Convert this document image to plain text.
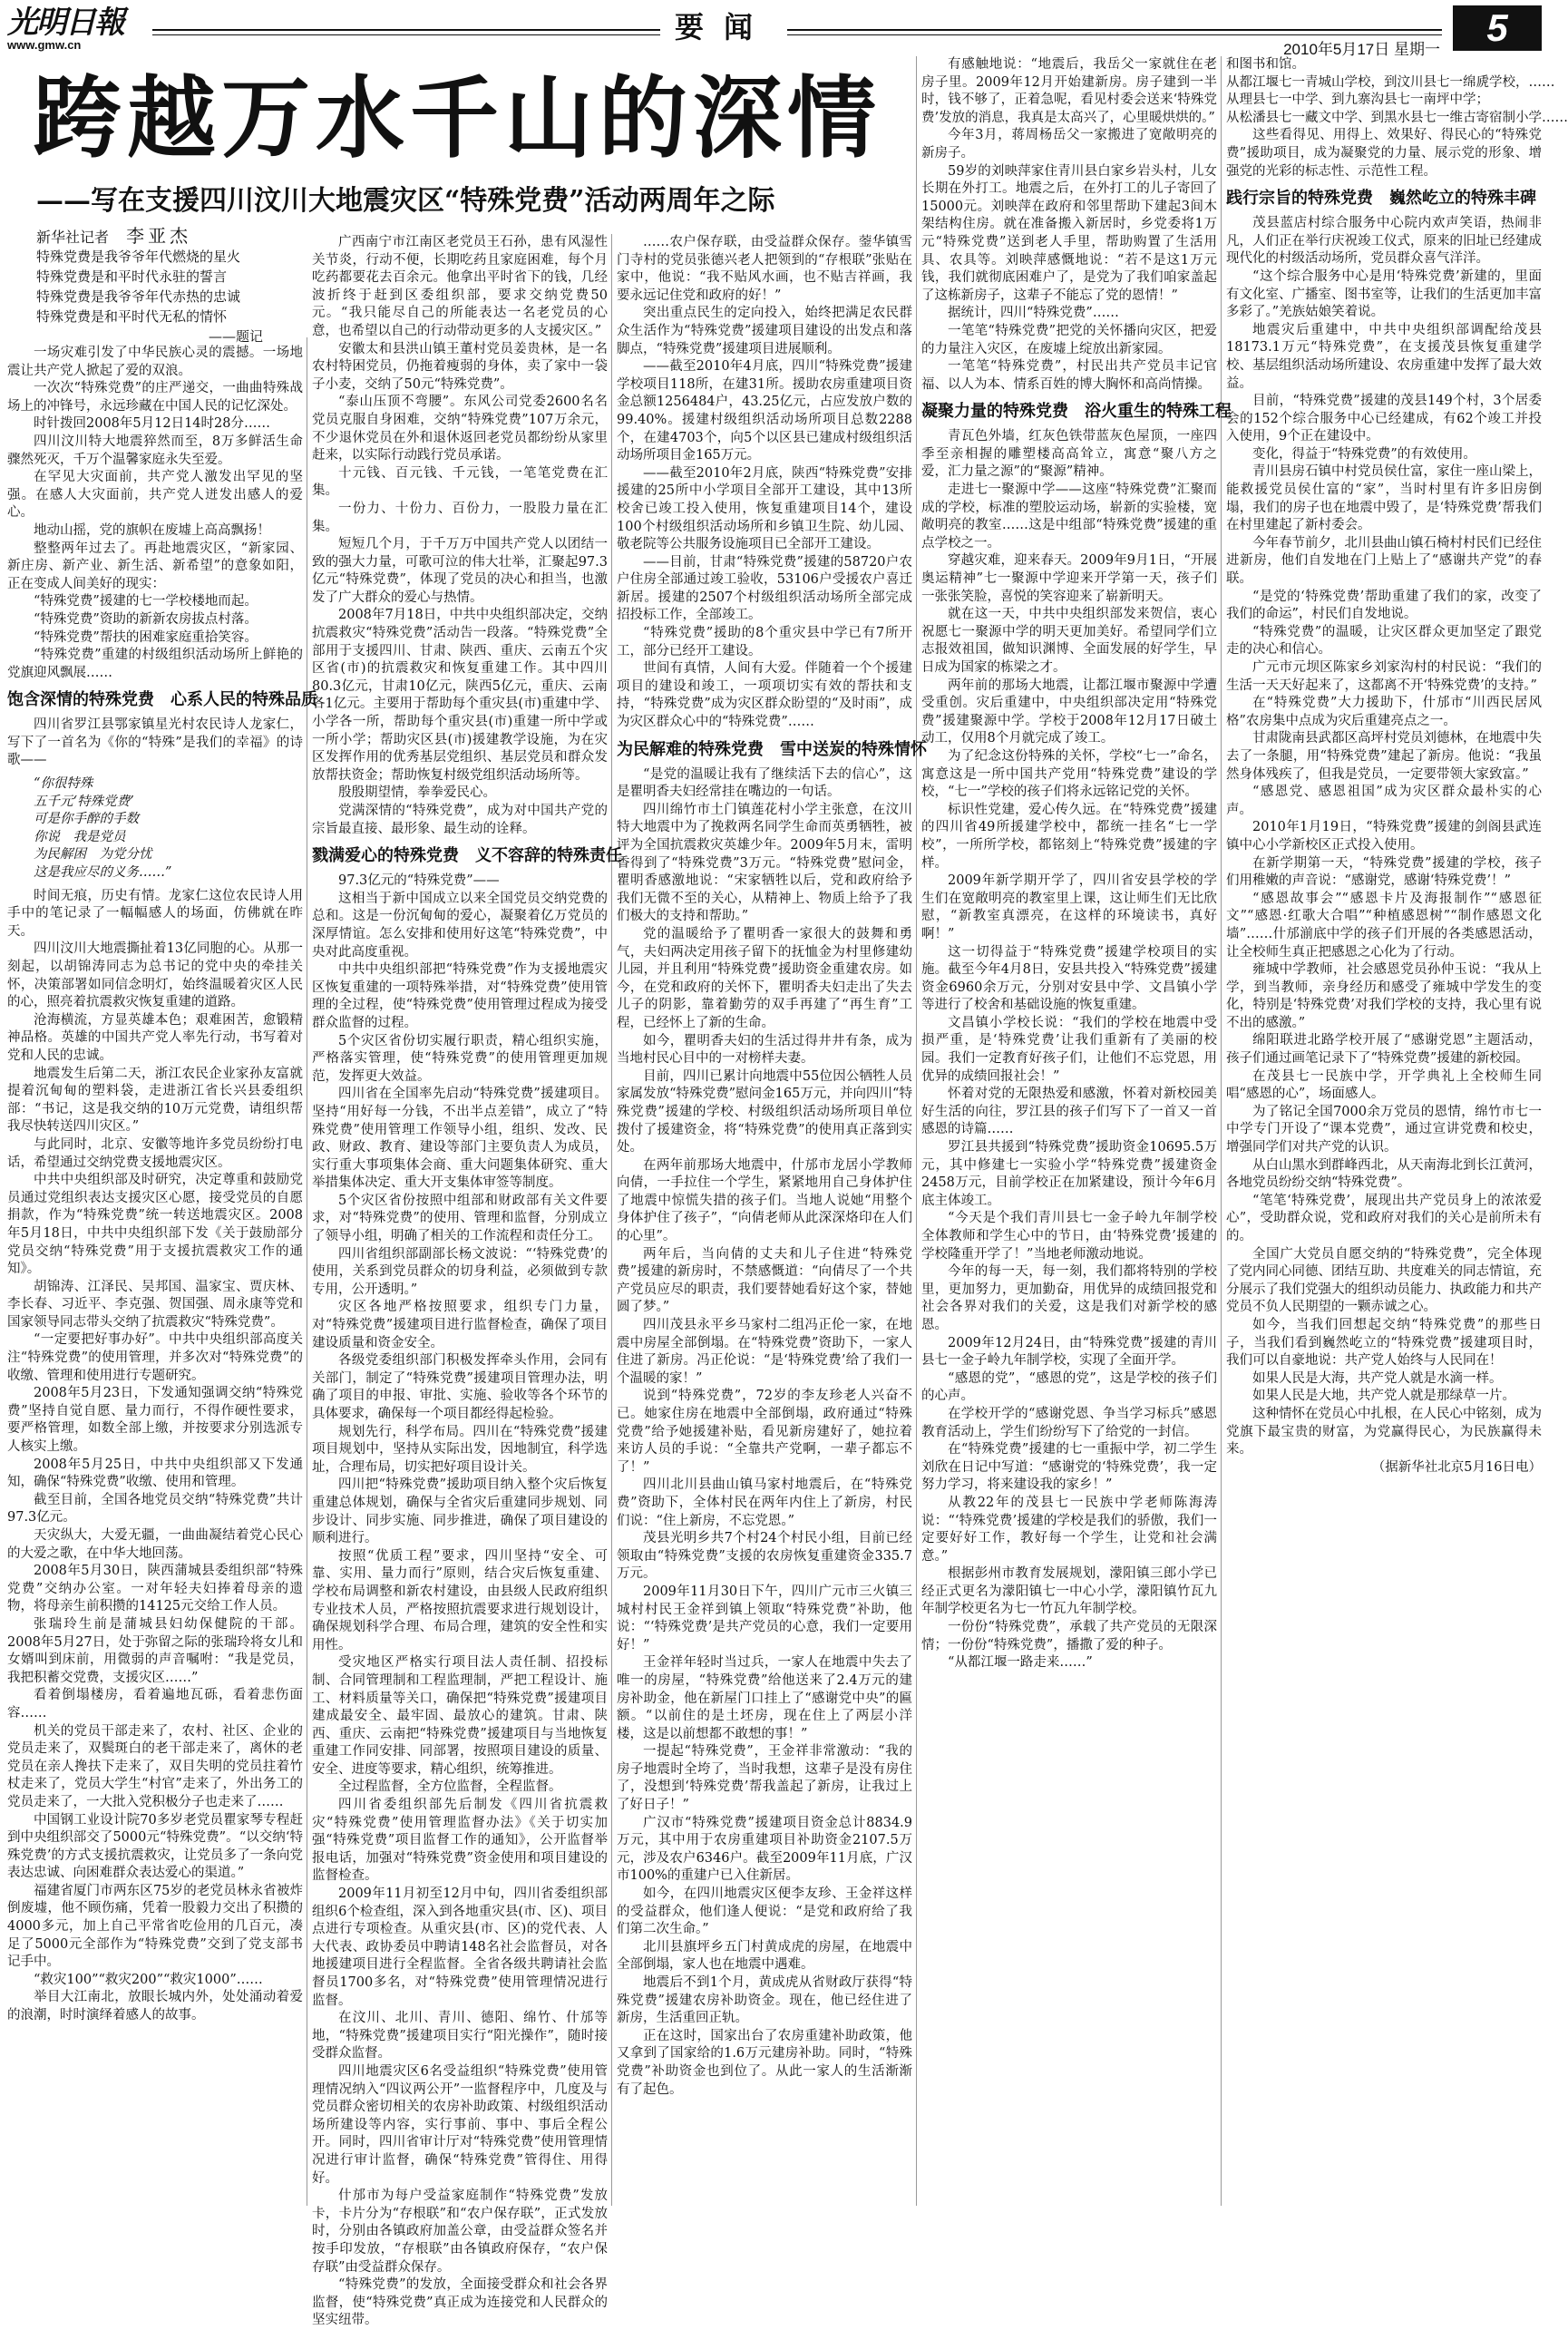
光明日報
www.gmw.cn
要闻
2010年5月17日 星期一
5
跨越万水千山的深情
——写在支援四川汶川大地震灾区“特殊党费”活动两周年之际
新华社记者 李亚杰
特殊党费是我爷爷年代燃烧的星火
特殊党费是和平时代永驻的誓言
特殊党费是我爷爷年代赤热的忠诚
特殊党费是和平时代无私的情怀
——题记

一场灾难引发了中华民族心灵的震撼。一场地震让共产党人掀起了爱的双浪。

一次次“特殊党费”的庄严递交，一曲曲特殊战场上的冲锋号，永远珍藏在中国人民的记忆深处。

时针拨回2008年5月12日14时28分……

四川汶川特大地震猝然而至，8万多鲜活生命骤然死灭，千万个温馨家庭永失至爱。

在罕见大灾面前，共产党人激发出罕见的坚强。在感人大灾面前，共产党人迸发出感人的爱心。

地动山摇，党的旗帜在废墟上高高飘扬！

整整两年过去了。再赴地震灾区，“新家园、新庄房、新产业、新生活、新希望”的意象如阳，正在变成人间美好的现实：

“特殊党费”援建的七一学校楼地而起。

“特殊党费”资助的新新农房拔点村落。

“特殊党费”帮扶的困难家庭重拾笑容。

“特殊党费”重建的村级组织活动场所上鲜艳的党旗迎风飘展……

饱含深情的特殊党费　心系人民的特殊品质

四川省罗江县鄂家镇星光村农民诗人龙家仁，写下了一首名为《你的“特殊”是我们的幸福》的诗歌——

“你很特殊
五千元‘特殊党费’
可是你手醉的手数
你说　我是党员
为民解困　为党分忧
这是我应尽的义务……”

时间无痕，历史有情。龙家仁这位农民诗人用手中的笔记录了一幅幅感人的场面，仿佛就在昨天。

四川汶川大地震撕扯着13亿同胞的心。从那一刻起，以胡锦涛同志为总书记的党中央的牵挂关怀，决策部署如同信念明灯，始终温暖着灾区人民的心，照亮着抗震救灾恢复重建的道路。

沧海横流，方显英雄本色；艰难困苦，愈锻精神品格。英雄的中国共产党人率先行动，书写着对党和人民的忠诚。

地震发生后第二天，浙江农民企业家孙友富就提着沉甸甸的塑料袋，走进浙江省长兴县委组织部：“书记，这是我交纳的10万元党费，请组织帮我尽快转送四川灾区。”

与此同时，北京、安徽等地许多党员纷纷打电话，希望通过交纳党费支援地震灾区。

中共中央组织部及时研究，决定尊重和鼓励党员通过党组织表达支援灾区心愿，接受党员的自愿捐款，作为“特殊党费”统一转送地震灾区。2008年5月18日，中共中央组织部下发《关于鼓励部分党员交纳“特殊党费”用于支援抗震救灾工作的通知》。

胡锦涛、江泽民、吴邦国、温家宝、贾庆林、李长春、习近平、李克强、贺国强、周永康等党和国家领导同志带头交纳了抗震救灾“特殊党费”。

“一定要把好事办好”。中共中央组织部高度关注“特殊党费”的使用管理，并多次对“特殊党费”的收缴、管理和使用进行专题研究。

2008年5月23日，下发通知强调交纳“特殊党费”坚持自觉自愿、量力而行，不得作硬性要求，要严格管理，如数全部上缴，并按要求分别选派专人核实上缴。

2008年5月25日，中共中央组织部又下发通知，确保“特殊党费”收缴、使用和管理。

截至目前，全国各地党员交纳“特殊党费”共计97.3亿元。

天灾纵大，大爱无疆，一曲曲凝结着党心民心的大爱之歌，在中华大地回荡。

2008年5月30日，陕西蒲城县委组织部“特殊党费”交纳办公室。一对年轻夫妇捧着母亲的遗物，将母亲生前积攒的14125元交给工作人员。

张瑞玲生前是蒲城县妇幼保健院的干部。2008年5月27日，处于弥留之际的张瑞玲将女儿和女婿叫到床前，用微弱的声音嘱咐：“我是党员，我把积蓄交党费，支援灾区……”

看着倒塌楼房，看着遍地瓦砾，看着悲伤面容……

机关的党员干部走来了，农村、社区、企业的党员走来了，双鬓斑白的老干部走来了，离休的老党员在亲人搀扶下走来了，双目失明的党员拄着竹杖走来了，党员大学生“村官”走来了，外出务工的党员走来了，一大批入党积极分子也走来了……

中国钢工业设计院70多岁老党员瞿家琴专程赶到中央组织部交了5000元“特殊党费”。“以交纳‘特殊党费’的方式支援抗震救灾，让党员多了一条向党表达忠诚、向困难群众表达爱心的渠道。”

福建省厦门市两东区75岁的老党员林永省被炸倒废墟，他不顾伤痛，凭着一股毅力交出了积攒的4000多元，加上自己平常省吃俭用的几百元，凑足了5000元全部作为“特殊党费”交到了党支部书记手中。

“救灾100”“救灾200”“救灾1000”……

举目大江南北，放眼长城内外，处处涌动着爱的浪潮，时时演绎着感人的故事。

广西南宁市江南区老党员王石孙，患有风湿性关节炎，行动不便，长期吃药且家庭困难，每个月吃药都要花去百余元。他拿出平时省下的钱，几经波折终于赶到区委组织部，要求交纳党费50元。“我只能尽自己的所能表达一名老党员的心意，也希望以自己的行动带动更多的人支援灾区。”

安徽太和县洪山镇王董村党员姜贵林，是一名农村特困党员，仍拖着瘦弱的身体，卖了家中一袋子小麦，交纳了50元“特殊党费”。

“泰山压顶不弯腰”。东风公司党委2600名名党员克服自身困难，交纳“特殊党费”107万余元，不少退休党员在外和退休返回老党员都纷纷从家里赶来，以实际行动践行党员承诺。

十元钱、百元钱、千元钱，一笔笔党费在汇集。

一份力、十份力、百份力，一股股力量在汇集。

短短几个月，于千万万中国共产党人以团结一致的强大力量，可歌可泣的伟大壮举，汇聚起97.3亿元“特殊党费”，体现了党员的决心和担当，也激发了广大群众的爱心与热情。

2008年7月18日，中共中央组织部决定，交纳抗震救灾“特殊党费”活动告一段落。“特殊党费”全部用于支援四川、甘肃、陕西、重庆、云南五个灾区省(市)的抗震救灾和恢复重建工作。其中四川80.3亿元，甘肃10亿元，陕西5亿元，重庆、云南各1亿元。主要用于帮助每个重灾县(市)重建中学、小学各一所，帮助每个重灾县(市)重建一所中学或一所小学；帮助灾区县(市)援建教学设施，为在灾区发挥作用的优秀基层党组织、基层党员和群众发放帮扶资金；帮助恢复村级党组织活动场所等。

殷殷期望情，拳拳爱民心。

党满深情的“特殊党费”，成为对中国共产党的宗旨最直接、最形象、最生动的诠释。

戮满爱心的特殊党费　义不容辞的特殊责任

97.3亿元的“特殊党费”——

这相当于新中国成立以来全国党员交纳党费的总和。这是一份沉甸甸的爱心，凝聚着亿万党员的深厚情谊。怎么安排和使用好这笔“特殊党费”，中央对此高度重视。

中共中央组织部把“特殊党费”作为支援地震灾区恢复重建的一项特殊举措，对“特殊党费”使用管理的全过程，使“特殊党费”使用管理过程成为接受群众监督的过程。

5个灾区省份切实履行职责，精心组织实施，严格落实管理，使“特殊党费”的使用管理更加规范，发挥更大效益。

四川省在全国率先启动“特殊党费”援建项目。坚持“用好每一分钱，不出半点差错”，成立了“特殊党费”使用管理工作领导小组，组织、发改、民政、财政、教育、建设等部门主要负责人为成员，实行重大事项集体会商、重大问题集体研究、重大举措集体决定、重大开支集体审签等制度。

5个灾区省份按照中组部和财政部有关文件要求，对“特殊党费”的使用、管理和监督，分别成立了领导小组，明确了相关的工作流程和责任分工。

四川省组织部副部长杨文波说：“‘特殊党费’的使用，关系到党员群众的切身利益，必须做到专款专用，公开透明。”

灾区各地严格按照要求，组织专门力量，对“特殊党费”援建项目进行监督检查，确保了项目建设质量和资金安全。

各级党委组织部门积极发挥牵头作用，会同有关部门，制定了“特殊党费”援建项目管理办法，明确了项目的申报、审批、实施、验收等各个环节的具体要求，确保每一个项目都经得起检验。

规划先行，科学布局。四川在“特殊党费”援建项目规划中，坚持从实际出发，因地制宜，科学选址，合理布局，切实把好项目设计关。

四川把“特殊党费”援助项目纳入整个灾后恢复重建总体规划，确保与全省灾后重建同步规划、同步设计、同步实施、同步推进，确保了项目建设的顺利进行。

按照“优质工程”要求，四川坚持“安全、可靠、实用、量力而行”原则，结合灾后恢复重建、学校布局调整和新农村建设，由县级人民政府组织专业技术人员，严格按照抗震要求进行规划设计，确保规划科学合理、布局合理，建筑的安全性和实用性。

受灾地区严格实行项目法人责任制、招投标制、合同管理制和工程监理制，严把工程设计、施工、材料质量等关口，确保把“特殊党费”援建项目建成最安全、最牢固、最放心的建筑。甘肃、陕西、重庆、云南把“特殊党费”援建项目与当地恢复重建工作同安排、同部署，按照项目建设的质量、安全、进度等要求，精心组织，统筹推进。

全过程监督，全方位监督，全程监督。

四川省委组织部先后制发《四川省抗震救灾“特殊党费”使用管理监督办法》《关于切实加强“特殊党费”项目监督工作的通知》，公开监督举报电话，加强对“特殊党费”资金使用和项目建设的监督检查。

2009年11月初至12月中旬，四川省委组织部组织6个检查组，深入到各地重灾县(市、区)、项目点进行专项检查。从重灾县(市、区)的党代表、人大代表、政协委员中聘请148名社会监督员，对各地援建项目进行全程监督。全省各级共聘请社会监督员1700多名，对“特殊党费”使用管理情况进行监督。

在汶川、北川、青川、德阳、绵竹、什邡等地，“特殊党费”援建项目实行“阳光操作”，随时接受群众监督。

四川地震灾区6名受益组织“特殊党费”使用管理情况纳入“四议两公开”一监督程序中，几度及与党员群众密切相关的农房补助政策、村级组织活动场所建设等内容，实行事前、事中、事后全程公开。同时，四川省审计厅对“特殊党费”使用管理情况进行审计监督，确保“特殊党费”管得住、用得好。

什邡市为每户受益家庭制作“特殊党费”发放卡，卡片分为“存根联”和“农户保存联”，正式发放时，分别由各镇政府加盖公章，由受益群众签名并按手印发放，“存根联”由各镇政府保存，“农户保存联”由受益群众保存。

“特殊党费”的发放，全面接受群众和社会各界监督，使“特殊党费”真正成为连接党和人民群众的坚实纽带。

……农户保存联，由受益群众保存。蓥华镇雪门寺村的党员张德兴老人把领到的“存根联”张贴在家中，他说：“我不贴风水画，也不贴吉祥画，我要永远记住党和政府的好！”

突出重点民生的定向投入，始终把满足农民群众生活作为“特殊党费”援建项目建设的出发点和落脚点，“特殊党费”援建项目进展顺利。

——截至2010年4月底，四川“特殊党费”援建学校项目118所，在建31所。援助农房重建项目资金总额1256484户，43.25亿元，占应发放户数的99.40%。援建村级组织活动场所项目总数2288个，在建4703个，向5个以区县已建成村级组织活动场所项目金165万元。

——截至2010年2月底，陕西“特殊党费”安排援建的25所中小学项目全部开工建设，其中13所校舍已竣工投入使用，恢复重建项目14个，建设100个村级组织活动场所和乡镇卫生院、幼儿园、敬老院等公共服务设施项目已全部开工建设。

——目前，甘肃“特殊党费”援建的58720户农户住房全部通过竣工验收，53106户受援农户喜迁新居。援建的2507个村级组织活动场所全部完成招投标工作，全部竣工。

“特殊党费”援助的8个重灾县中学已有7所开工，部分已经开工建设。

世间有真情，人间有大爱。伴随着一个个援建项目的建设和竣工，一项项切实有效的帮扶和支持，“特殊党费”成为灾区群众盼望的“及时雨”，成为灾区群众心中的“特殊党费”……

为民解难的特殊党费　雪中送炭的特殊情怀

“是党的温暖让我有了继续活下去的信心”，这是瞿明香夫妇经常挂在嘴边的一句话。

四川绵竹市土门镇莲花村小学主张意，在汶川特大地震中为了挽救两名同学生命而英勇牺牲，被评为全国抗震救灾英雄少年。2009年5月末，雷明香得到了“特殊党费”3万元。“特殊党费”慰问金，瞿明香感激地说：“宋家牺牲以后，党和政府给予我们无微不至的关心，从精神上、物质上给予了我们极大的支持和帮助。”

党的温暖给予了瞿明香一家很大的鼓舞和勇气，夫妇两决定用孩子留下的抚恤金为村里修建幼儿园，并且利用“特殊党费”援助资金重建农房。如今，在党和政府的关怀下，瞿明香夫妇走出了失去儿子的阴影，靠着勤劳的双手再建了“再生育”工程，已经怀上了新的生命。

如今，瞿明香夫妇的生活过得井井有条，成为当地村民心目中的一对榜样夫妻。

目前，四川已累计向地震中55位因公牺牲人员家属发放“特殊党费”慰问金165万元，并向四川“特殊党费”援建的学校、村级组织活动场所项目单位拨付了援建资金，将“特殊党费”的使用真正落到实处。

在两年前那场大地震中，什邡市龙居小学教师向倩，一手拉住一个学生，紧紧地用自己身体护住了地震中惊慌失措的孩子们。当地人说她“用整个身体护住了孩子”，“向倩老师从此深深烙印在人们的心里”。

两年后，当向倩的丈夫和儿子住进“特殊党费”援建的新房时，不禁感慨道：“向倩尽了一个共产党员应尽的职责，我们要替她看好这个家，替她圆了梦。”

四川茂县永平乡马家村二组冯正伦一家，在地震中房屋全部倒塌。在“特殊党费”资助下，一家人住进了新房。冯正伦说：“是‘特殊党费’给了我们一个温暖的家！”

说到“特殊党费”，72岁的李友珍老人兴奋不已。她家住房在地震中全部倒塌，政府通过“特殊党费”给予她援建补贴，看见新房建好了，她拉着来访人员的手说：“全靠共产党啊，一辈子都忘不了！”

四川北川县曲山镇马家村地震后，在“特殊党费”资助下，全体村民在两年内住上了新房，村民们说：“住上新房，不忘党恩。”

茂县光明乡共7个村24个村民小组，目前已经领取由“特殊党费”支援的农房恢复重建资金335.7万元。

2009年11月30日下午，四川广元市三火镇三城村村民王金祥到镇上领取“特殊党费”补助，他说：“‘特殊党费’是共产党员的心意，我们一定要用好！”

王金祥年轻时当过兵，一家人在地震中失去了唯一的房屋，“特殊党费”给他送来了2.4万元的建房补助金，他在新屋门口挂上了“感谢党中央”的匾额。“以前住的是土坯房，现在住上了两层小洋楼，这是以前想都不敢想的事！”

一提起“特殊党费”，王金祥非常激动：“我的房子地震时全垮了，当时我想，这辈子是没有房住了，没想到‘特殊党费’帮我盖起了新房，让我过上了好日子！”

广汉市“特殊党费”援建项目资金总计8834.9万元，其中用于农房重建项目补助资金2107.5万元，涉及农户6346户。截至2009年11月底，广汉市100%的重建户已入住新居。

如今，在四川地震灾区便李友珍、王金祥这样的受益群众，他们逢人便说：“是党和政府给了我们第二次生命。”

北川县旗坪乡五门村黄成虎的房屋，在地震中全部倒塌，家人也在地震中遇难。

地震后不到1个月，黄成虎从省财政厅获得“特殊党费”援建农房补助资金。现在，他已经住进了新房，生活重回正轨。

正在这时，国家出台了农房重建补助政策，他又拿到了国家给的1.6万元建房补助。同时，“特殊党费”补助资金也到位了。从此一家人的生活渐渐有了起色。

有感触地说：“地震后，我岳父一家就住在老房子里。2009年12月开始建新房。房子建到一半时，钱不够了，正着急呢，看见村委会送来‘特殊党费’发放的消息，我真是太高兴了，心里暖烘烘的。”

今年3月，蒋周杨岳父一家搬进了宽敞明亮的新房子。

59岁的刘映萍家住青川县白家乡岩头村，儿女长期在外打工。地震之后，在外打工的儿子寄回了15000元。刘映萍在政府和邻里帮助下建起3间木架结构住房。就在准备搬入新居时，乡党委将1万元“特殊党费”送到老人手里，帮助购置了生活用具、农具等。刘映萍感慨地说：“若不是这1万元钱，我们就彻底困难户了，是党为了我们咱家盖起了这栋新房子，这辈子不能忘了党的恩情！”

据统计，四川“特殊党费”……

一笔笔“特殊党费”把党的关怀播向灾区，把爱的力量注入灾区，在废墟上绽放出新家园。

一笔笔“特殊党费”，村民出共产党员丰记官福、以人为本、情系百姓的博大胸怀和高尚情操。

凝聚力量的特殊党费　浴火重生的特殊工程

青瓦色外墙，红灰色铁带蓝灰色屋顶，一座四季至亲相握的雕塑楼高高耸立，寓意“聚八方之爱，汇力量之源”的“聚源”精神。

走进七一聚源中学——这座“特殊党费”汇聚而成的学校，标准的塑胶运动场，崭新的实验楼，宽敞明亮的教室……这是中组部“特殊党费”援建的重点学校之一。

穿越灾难，迎来春天。2009年9月1日，“开展奥运精神”七一聚源中学迎来开学第一天，孩子们一张张笑脸，喜悦的笑容迎来了崭新明天。

就在这一天，中共中央组织部发来贺信，衷心祝愿七一聚源中学的明天更加美好。希望同学们立志报效祖国，做知识渊博、全面发展的好学生，早日成为国家的栋梁之才。

两年前的那场大地震，让都江堰市聚源中学遭受重创。灾后重建中，中央组织部决定用“特殊党费”援建聚源中学。学校于2008年12月17日破土动工，仅用8个月就完成了竣工。

为了纪念这份特殊的关怀，学校“七一”命名，寓意这是一所中国共产党用“特殊党费”建设的学校，“七一”学校的孩子们将永远铭记党的关怀。

标识性党建，爱心传久远。在“特殊党费”援建的四川省49所援建学校中，都统一挂名“七一学校”，一所所学校，都铭刻上“特殊党费”援建的字样。

2009年新学期开学了，四川省安县学校的学生们在宽敞明亮的教室里上课，这让师生们无比欣慰，“新教室真漂亮，在这样的环境读书，真好啊！”

这一切得益于“特殊党费”援建学校项目的实施。截至今年4月8日，安县共投入“特殊党费”援建资金6960余万元，分别对安县中学、文昌镇小学等进行了校舍和基础设施的恢复重建。

文昌镇小学校长说：“我们的学校在地震中受损严重，是‘特殊党费’让我们重新有了美丽的校园。我们一定教育好孩子们，让他们不忘党恩，用优异的成绩回报社会！”

怀着对党的无限热爱和感激，怀着对新校园美好生活的向往，罗江县的孩子们写下了一首又一首感恩的诗篇……

罗江县共援到“特殊党费”援助资金10695.5万元，其中修建七一实验小学“特殊党费”援建资金2458万元，目前学校正在加紧建设，预计今年6月底主体竣工。

“今天是个我们青川县七一金子岭九年制学校全体教师和学生心中的节日，由‘特殊党费’援建的学校隆重开学了！”当地老师激动地说。

今年的每一天，每一刻，我们都将特别的学校里，更加努力，更加勤奋，用优异的成绩回报党和社会各界对我们的关爱，这是我们对新学校的感恩。

2009年12月24日，由“特殊党费”援建的青川县七一金子岭九年制学校，实现了全面开学。

“感恩的党”，“感恩的党”，这是学校的孩子们的心声。

在学校开学的“感谢党恩、争当学习标兵”感恩教育活动上，学生们纷纷写下了给党的一封信。

在“特殊党费”援建的七一重振中学，初二学生刘欣在日记中写道：“感谢党的‘特殊党费’，我一定努力学习，将来建设我的家乡！”

从教22年的茂县七一民族中学老师陈海涛说：“‘特殊党费’援建的学校是我们的骄傲，我们一定要好好工作，教好每一个学生，让党和社会满意。”

根据彭州市教育发展规划，濛阳镇三郎小学已经正式更名为濛阳镇七一中心小学，濛阳镇竹瓦九年制学校更名为七一竹瓦九年制学校。

一份份“特殊党费”，承载了共产党员的无限深情；一份份“特殊党费”，播撒了爱的种子。

“从都江堰一路走来……”

和图书和馆。
从都江堰七一青城山学校，到汶川县七一绵虒学校，……
从理县七一中学、到九寨沟县七一南坪中学；
从松潘县七一藏文中学、到黑水县七一维古寄宿制小学……

这些看得见、用得上、效果好、得民心的“特殊党费”援助项目，成为凝聚党的力量、展示党的形象、增强党的光彩的标志性、示范性工程。

践行宗旨的特殊党费　巍然屹立的特殊丰碑

茂县蓝店村综合服务中心院内欢声笑语，热闹非凡，人们正在举行庆祝竣工仪式，原来的旧址已经建成现代化的村级活动场所，党员群众喜气洋洋。

“这个综合服务中心是用‘特殊党费’新建的，里面有文化室、广播室、图书室等，让我们的生活更加丰富多彩了。”羌族姑娘笑着说。

地震灾后重建中，中共中央组织部调配给茂县18173.1万元“特殊党费”，在支援茂县恢复重建学校、基层组织活动场所建设、农房重建中发挥了最大效益。

目前，“特殊党费”援建的茂县149个村，3个居委会的152个综合服务中心已经建成，有62个竣工并投入使用，9个正在建设中。

变化，得益于“特殊党费”的有效使用。

青川县房石镇中村党员侯仕富，家住一座山梁上，能救援党员侯仕富的“家”，当时村里有许多旧房倒塌，我们的房子也在地震中毁了，是‘特殊党费’帮我们在村里建起了新村委会。

今年春节前夕，北川县曲山镇石椅村村民们已经住进新房，他们自发地在门上贴上了“感谢共产党”的春联。

“是党的‘特殊党费’帮助重建了我们的家，改变了我们的命运”，村民们自发地说。

“特殊党费”的温暖，让灾区群众更加坚定了跟党走的决心和信心。

广元市元坝区陈家乡刘家沟村的村民说：“我们的生活一天天好起来了，这都离不开‘特殊党费’的支持。”

在“特殊党费”大力援助下，什邡市“川西民居风格”农房集中点成为灾后重建亮点之一。

甘肃陇南县武都区高坪村党员刘德林，在地震中失去了一条腿，用“特殊党费”建起了新房。他说：“我虽然身体残疾了，但我是党员，一定要带领大家致富。”

“感恩党、感恩祖国”成为灾区群众最朴实的心声。

2010年1月19日，“特殊党费”援建的剑阁县武连镇中心小学新校区正式投入使用。

在新学期第一天，“特殊党费”援建的学校，孩子们用稚嫩的声音说：“感谢党，感谢‘特殊党费’！”

“感恩故事会”“感恩卡片及海报制作”“感恩征文”“感恩·红歌大合唱”“种植感恩树”“制作感恩文化墙”……什邡湔底中学的孩子们开展的各类感恩活动，让全校师生真正把感恩之心化为了行动。

雍城中学教师，社会感恩党员孙仲玉说：“我从上学，到当教师，亲身经历和感受了雍城中学发生的变化，特别是‘特殊党费’对我们学校的支持，我心里有说不出的感激。”

绵阳联进北路学校开展了“感谢党恩”主题活动，孩子们通过画笔记录下了“特殊党费”援建的新校园。

在茂县七一民族中学，开学典礼上全校师生同唱“感恩的心”，场面感人。

为了铭记全国7000余万党员的恩情，绵竹市七一中学专门开设了“课本党费”，通过宣讲党费和校史，增强同学们对共产党的认识。

从白山黑水到群峰西北，从天南海北到长江黄河，各地党员纷纷交纳“特殊党费”。

“笔笔‘特殊党费’，展现出共产党员身上的浓浓爱心”，受助群众说，党和政府对我们的关心是前所未有的。

全国广大党员自愿交纳的“特殊党费”，完全体现了党内同心同德、团结互助、共度难关的同志情谊，充分展示了我们党强大的组织动员能力、执政能力和共产党员不负人民期望的一颗赤诚之心。

如今，当我们回想起交纳“特殊党费”的那些日子，当我们看到巍然屹立的“特殊党费”援建项目时，我们可以自豪地说：共产党人始终与人民同在！

如果人民是大海，共产党人就是水滴一样。

如果人民是大地，共产党人就是那绿草一片。

这种情怀在党员心中扎根，在人民心中铭刻，成为党旗下最宝贵的财富，为党赢得民心，为民族赢得未来。

（据新华社北京5月16日电）
